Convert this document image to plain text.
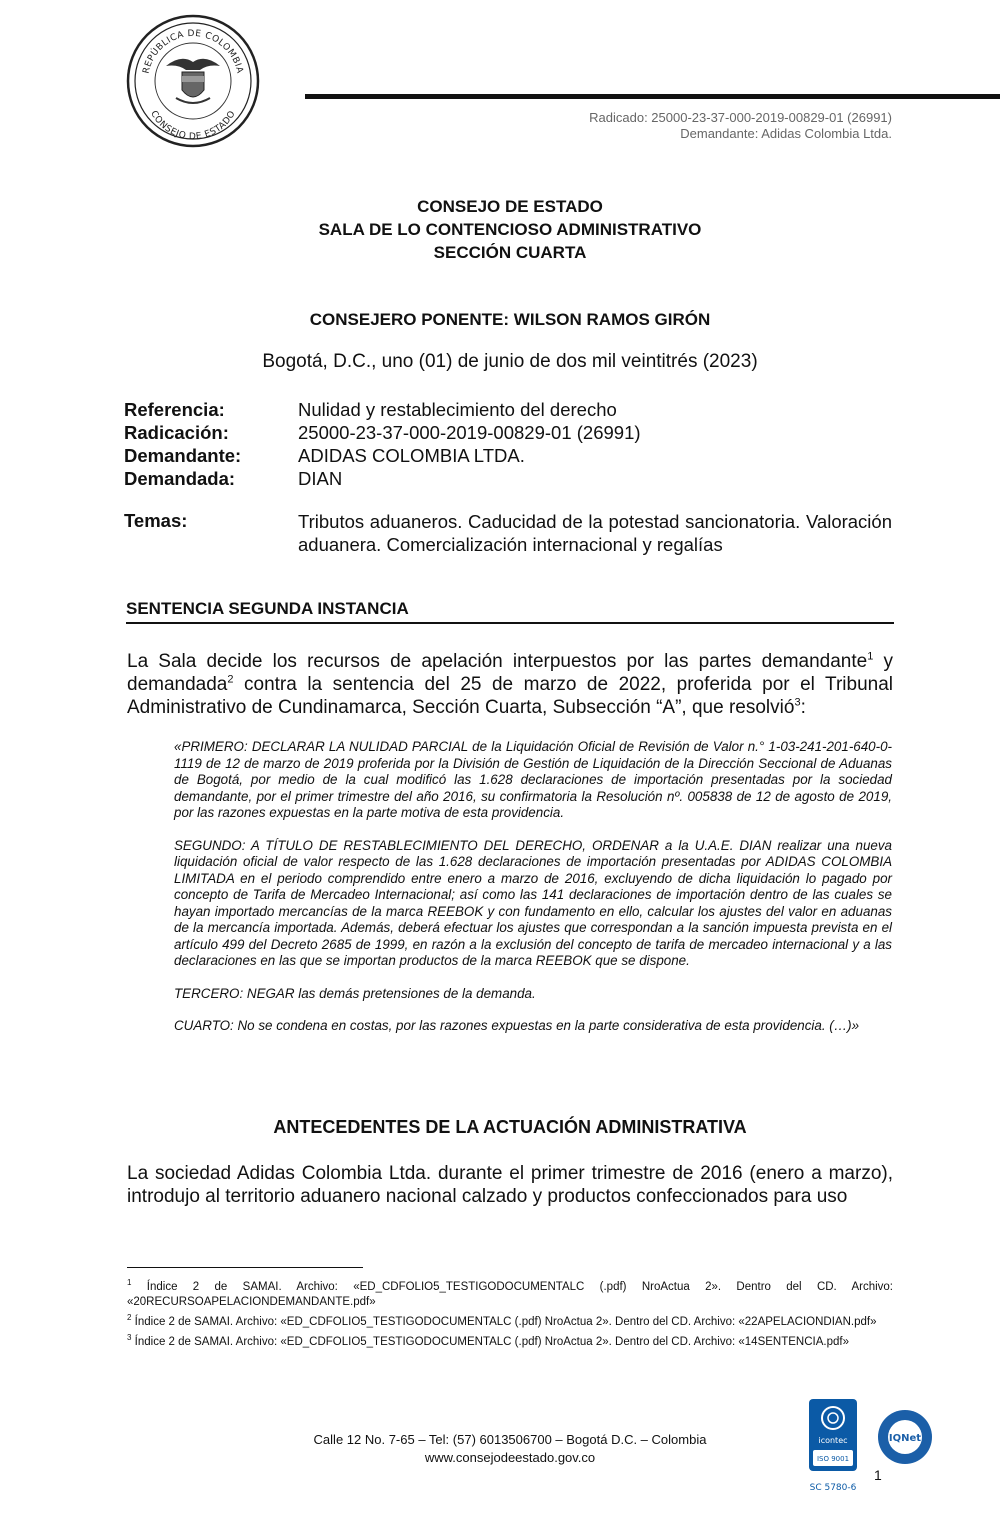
REPÚBLICA DE COLOMBIA
CONSEJO DE ESTADO	Radicado: 25000-23-37-000-2019-00829-01 (26991)
Demandante: Adidas Colombia Ltda.
CONSEJO DE ESTADO
SALA DE LO CONTENCIOSO ADMINISTRATIVO
SECCIÓN CUARTA
CONSEJERO PONENTE: WILSON RAMOS GIRÓN
Bogotá, D.C., uno (01) de junio de dos mil veintitrés (2023)
Referencia:	Nulidad y restablecimiento del derecho
Radicación:	25000-23-37-000-2019-00829-01 (26991)
Demandante:	ADIDAS COLOMBIA LTDA.
Demandada:	DIAN
Temas:	Tributos aduaneros. Caducidad de la potestad sancionatoria. Valoración aduanera. Comercialización internacional y regalías
SENTENCIA SEGUNDA INSTANCIA
La Sala decide los recursos de apelación interpuestos por las partes demandante$^1$ y demandada$^2$ contra la sentencia del 25 de marzo de 2022, proferida por el Tribunal Administrativo de Cundinamarca, Sección Cuarta, Subsección “A”, que resolvió$^3$:

«PRIMERO: DECLARAR LA NULIDAD PARCIAL de la Liquidación Oficial de Revisión de Valor n.° 1-03-241-201-640-0-1119 de 12 de marzo de 2019 proferida por la División de Gestión de Liquidación de la Dirección Seccional de Aduanas de Bogotá, por medio de la cual modificó las 1.628 declaraciones de importación presentadas por la sociedad demandante, por el primer trimestre del año 2016, su confirmatoria la Resolución nº. 005838 de 12 de agosto de 2019, por las razones expuestas en la parte motiva de esta providencia.

SEGUNDO: A TÍTULO DE RESTABLECIMIENTO DEL DERECHO, ORDENAR a la U.A.E. DIAN realizar una nueva liquidación oficial de valor respecto de las 1.628 declaraciones de importación presentadas por ADIDAS COLOMBIA LIMITADA en el periodo comprendido entre enero a marzo de 2016, excluyendo de dicha liquidación lo pagado por concepto de Tarifa de Mercadeo Internacional; así como las 141 declaraciones de importación dentro de las cuales se hayan importado mercancías de la marca REEBOK y con fundamento en ello, calcular los ajustes del valor en aduanas de la mercancía importada. Además, deberá efectuar los ajustes que correspondan a la sanción impuesta prevista en el artículo 499 del Decreto 2685 de 1999, en razón a la exclusión del concepto de tarifa de mercadeo internacional y a las declaraciones en las que se importan productos de la marca REEBOK que se dispone.

TERCERO: NEGAR las demás pretensiones de la demanda.

CUARTO: No se condena en costas, por las razones expuestas en la parte considerativa de esta providencia. (…)»

ANTECEDENTES DE LA ACTUACIÓN ADMINISTRATIVA
La sociedad Adidas Colombia Ltda. durante el primer trimestre de 2016 (enero a marzo), introdujo al territorio aduanero nacional calzado y productos confeccionados para uso

$^1$ Índice 2 de SAMAI. Archivo: «ED_CDFOLIO5_TESTIGODOCUMENTALC (.pdf) NroActua 2». Dentro del CD. Archivo: «20RECURSOAPELACIONDEMANDANTE.pdf»

$^2$ Índice 2 de SAMAI. Archivo: «ED_CDFOLIO5_TESTIGODOCUMENTALC (.pdf) NroActua 2». Dentro del CD. Archivo: «22APELACIONDIAN.pdf»

$^3$ Índice 2 de SAMAI. Archivo: «ED_CDFOLIO5_TESTIGODOCUMENTALC (.pdf) NroActua 2». Dentro del CD. Archivo: «14SENTENCIA.pdf»

Calle 12 No. 7-65 – Tel: (57) 6013506700 – Bogotá D.C. – Colombia
www.consejodeestado.gov.co
icontec
ISO 9001
SC 5780-6
IQNet
1
